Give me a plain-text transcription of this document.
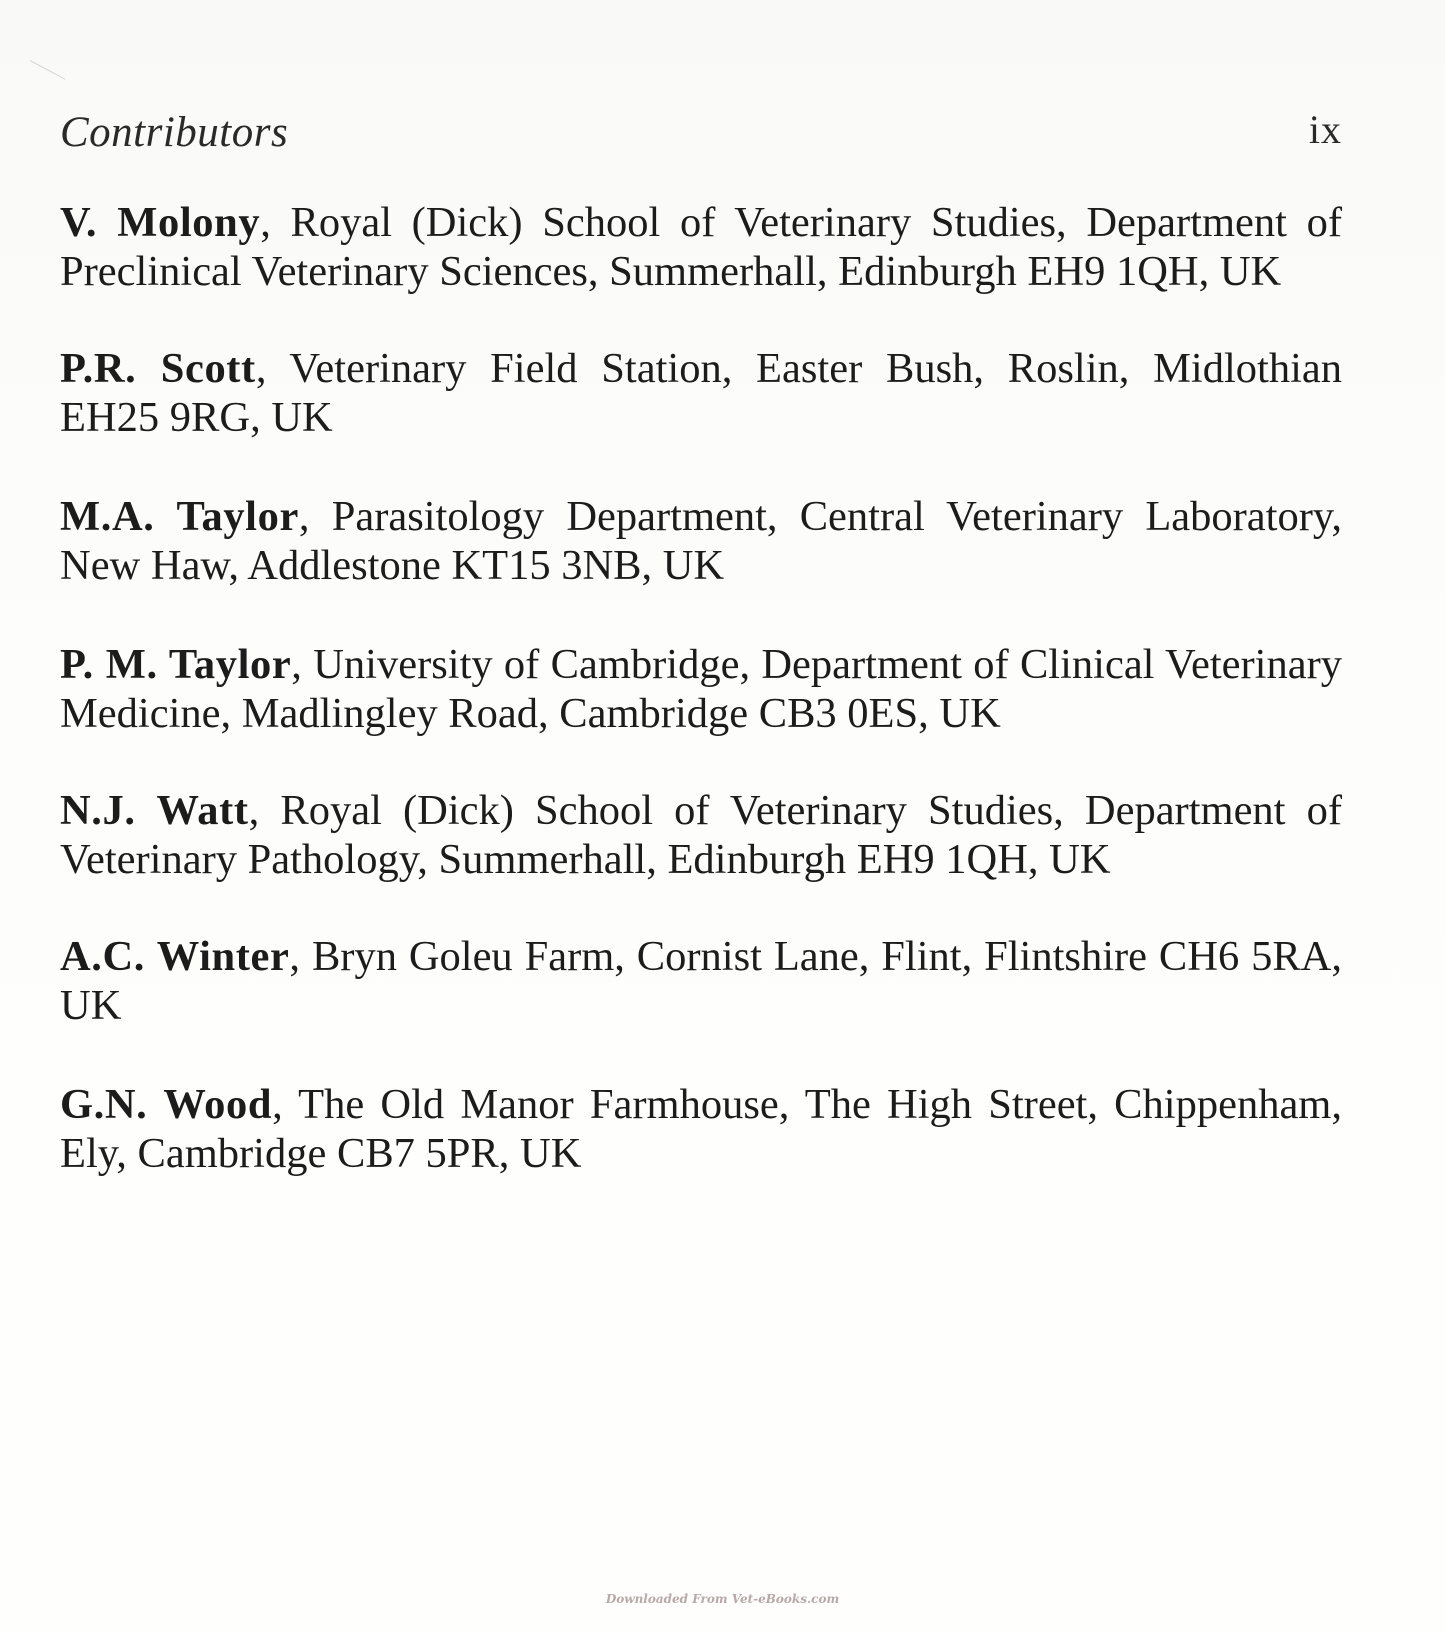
Contributors	ix

V. Molony, Royal (Dick) School of Veterinary Studies, Department of Preclinical Veterinary Sciences, Summerhall, Edinburgh EH9 1QH, UK

P.R. Scott, Veterinary Field Station, Easter Bush, Roslin, Midlothian EH25 9RG, UK

M.A. Taylor, Parasitology Department, Central Veterinary Laboratory, New Haw, Addlestone KT15 3NB, UK

P. M. Taylor, University of Cambridge, Department of Clinical Veterinary Medicine, Madlingley Road, Cambridge CB3 0ES, UK

N.J. Watt, Royal (Dick) School of Veterinary Studies, Department of Veterinary Pathology, Summerhall, Edinburgh EH9 1QH, UK

A.C. Winter, Bryn Goleu Farm, Cornist Lane, Flint, Flintshire CH6 5RA, UK

G.N. Wood, The Old Manor Farmhouse, The High Street, Chippenham, Ely, Cambridge CB7 5PR, UK

Downloaded From Vet-eBooks.com
